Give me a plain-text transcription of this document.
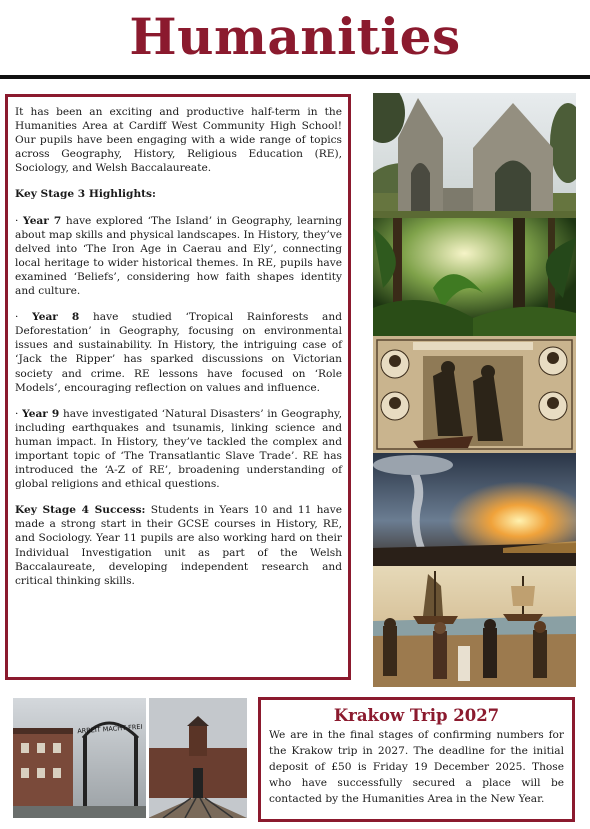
Humanities

It has been an exciting and productive half-term in the Humanities Area at Cardiff West Community High School! Our pupils have been engaging with a wide range of topics across Geography, History, Religious Education (RE), Sociology, and Welsh Baccalaureate.

Key Stage 3 Highlights:

· Year 7 have explored ‘The Island’ in Geography, learning about map skills and physical landscapes. In History, they’ve delved into ‘The Iron Age in Caerau and Ely’, connecting local heritage to wider historical themes. In RE, pupils have examined ‘Beliefs’, considering how faith shapes identity and culture.

· Year 8 have studied ‘Tropical Rainforests and Deforestation’ in Geography, focusing on environmental issues and sustainability. In History, the intriguing case of ‘Jack the Ripper’ has sparked discussions on Victorian society and crime. RE lessons have focused on ‘Role Models’, encouraging reflection on values and influence.

· Year 9 have investigated ‘Natural Disasters’ in Geography, including earthquakes and tsunamis, linking science and human impact. In History, they’ve tackled the complex and important topic of ‘The Transatlantic Slave Trade’. RE has introduced the ‘A-Z of RE’, broadening understanding of global religions and ethical questions.

Key Stage 4 Success: Students in Years 10 and 11 have made a strong start in their GCSE courses in History, RE, and Sociology. Year 11 pupils are also working hard on their Individual Investigation unit as part of the Welsh Baccalaureate, developing independent research and critical thinking skills.

ARBEIT MACHT FREI
Krakow Trip 2027
We are in the final stages of confirming numbers for the Krakow trip in 2027. The deadline for the initial deposit of £50 is Friday 19 December 2025. Those who have successfully secured a place will be contacted by the Humanities Area in the New Year.
